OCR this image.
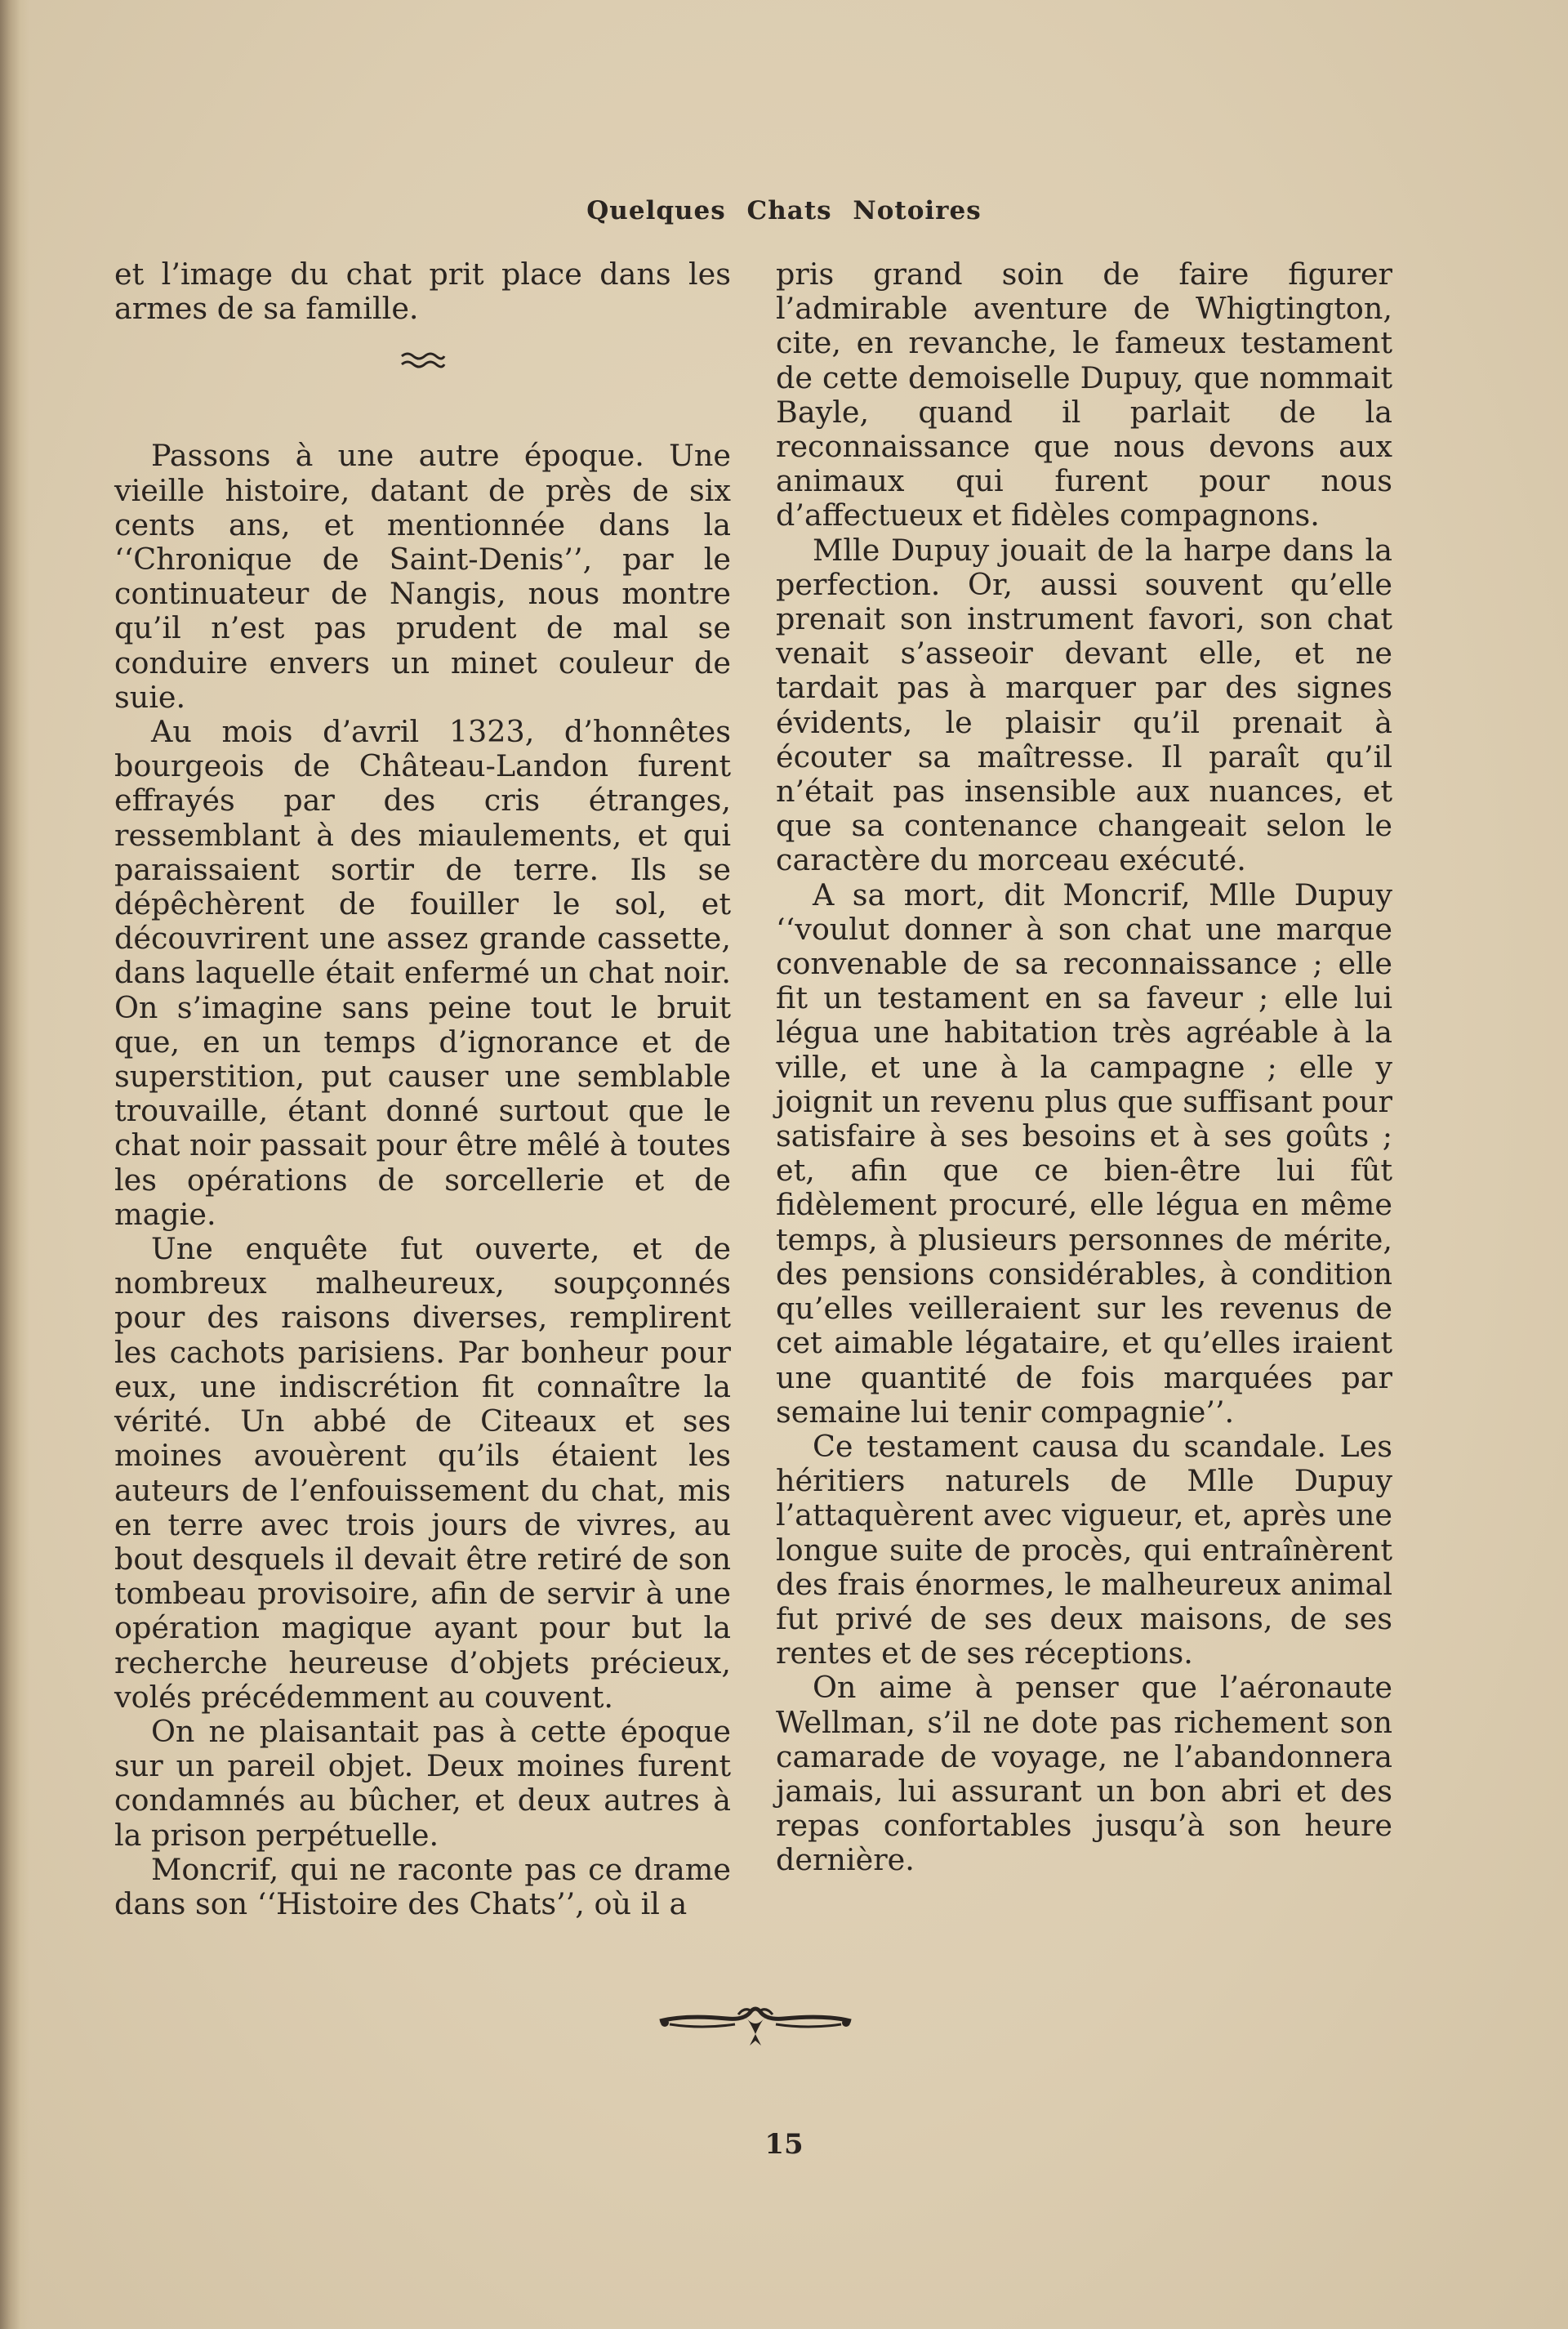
Quelques Chats Notoires

et l’image du chat prit place dans les armes de sa famille.

Passons à une autre époque. Une vieille histoire, datant de près de six cents ans, et mentionnée dans la ‘‘Chronique de Saint-Denis’’, par le continuateur de Nangis, nous montre qu’il n’est pas prudent de mal se conduire envers un minet couleur de suie.

Au mois d’avril 1323, d’honnêtes bourgeois de Château-Landon furent effrayés par des cris étranges, ressemblant à des miaulements, et qui paraissaient sortir de terre. Ils se dépêchèrent de fouiller le sol, et découvrirent une assez grande cassette, dans laquelle était enfermé un chat noir. On s’imagine sans peine tout le bruit que, en un temps d’ignorance et de superstition, put causer une semblable trouvaille, étant donné surtout que le chat noir passait pour être mêlé à toutes les opérations de sorcellerie et de magie.

Une enquête fut ouverte, et de nombreux malheureux, soupçonnés pour des raisons diverses, remplirent les cachots parisiens. Par bonheur pour eux, une indiscrétion fit connaître la vérité. Un abbé de Citeaux et ses moines avouèrent qu’ils étaient les auteurs de l’enfouissement du chat, mis en terre avec trois jours de vivres, au bout desquels il devait être retiré de son tombeau provisoire, afin de servir à une opération magique ayant pour but la recherche heureuse d’objets précieux, volés précédemment au couvent.

On ne plaisantait pas à cette époque sur un pareil objet. Deux moines furent condamnés au bûcher, et deux autres à la prison perpétuelle.

Moncrif, qui ne raconte pas ce drame dans son ‘‘Histoire des Chats’’, où il a

pris grand soin de faire figurer l’admirable aventure de Whigtington, cite, en revanche, le fameux testament de cette demoiselle Dupuy, que nommait Bayle, quand il parlait de la reconnaissance que nous devons aux animaux qui furent pour nous d’affectueux et fidèles compagnons.

Mlle Dupuy jouait de la harpe dans la perfection. Or, aussi souvent qu’elle prenait son instrument favori, son chat venait s’asseoir devant elle, et ne tardait pas à marquer par des signes évidents, le plaisir qu’il prenait à écouter sa maîtresse. Il paraît qu’il n’était pas insensible aux nuances, et que sa contenance changeait selon le caractère du morceau exécuté.

A sa mort, dit Moncrif, Mlle Dupuy ‘‘voulut donner à son chat une marque convenable de sa reconnaissance ; elle fit un testament en sa faveur ; elle lui légua une habitation très agréable à la ville, et une à la campagne ; elle y joignit un revenu plus que suffisant pour satisfaire à ses besoins et à ses goûts ; et, afin que ce bien-être lui fût fidèlement procuré, elle légua en même temps, à plusieurs personnes de mérite, des pensions considérables, à condition qu’elles veilleraient sur les revenus de cet aimable légataire, et qu’elles iraient une quantité de fois marquées par semaine lui tenir compagnie’’.

Ce testament causa du scandale. Les héritiers naturels de Mlle Dupuy l’attaquèrent avec vigueur, et, après une longue suite de procès, qui entraînèrent des frais énormes, le malheureux animal fut privé de ses deux maisons, de ses rentes et de ses réceptions.

On aime à penser que l’aéronaute Wellman, s’il ne dote pas richement son camarade de voyage, ne l’abandonnera jamais, lui assurant un bon abri et des repas confortables jusqu’à son heure dernière.

15
